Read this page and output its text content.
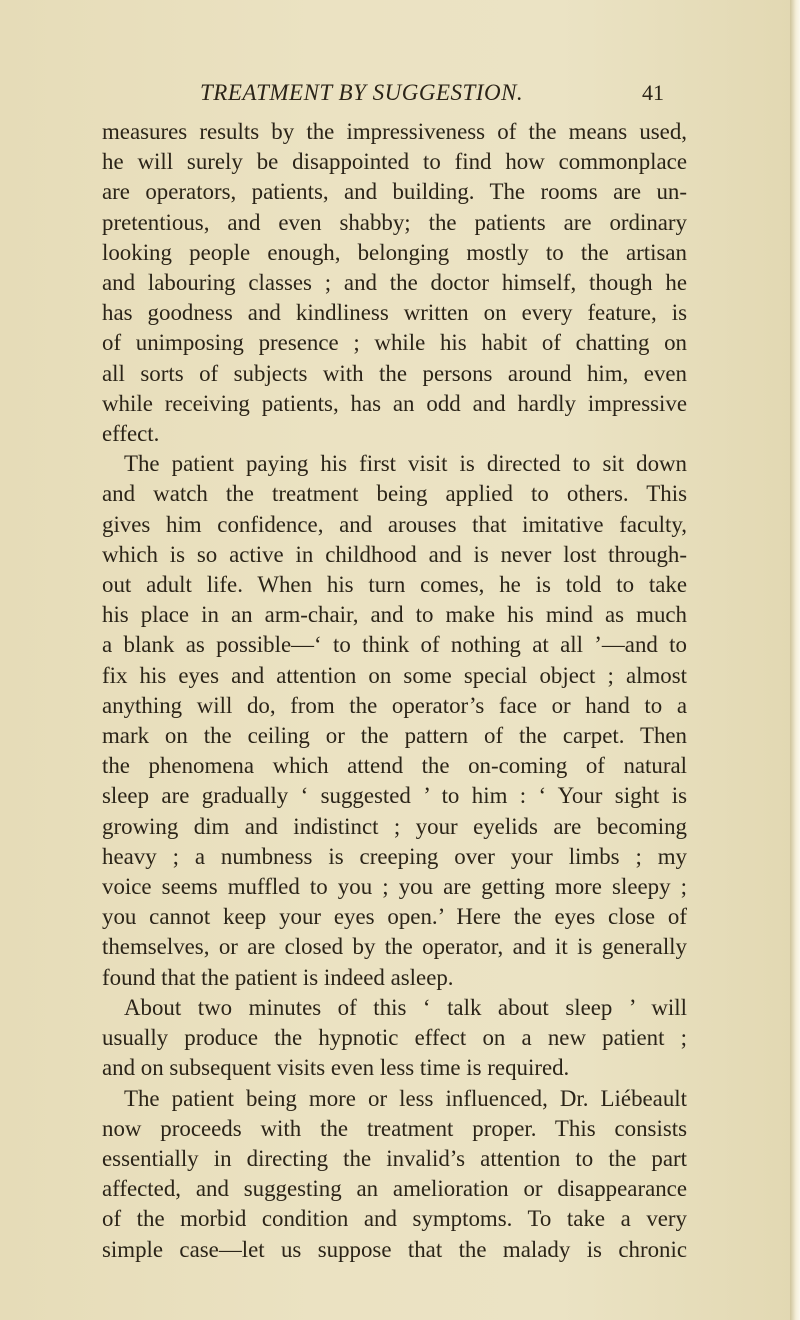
TREATMENT BY SUGGESTION.	41
measures results by the impressiveness of the means used,
he will surely be disappointed to find how commonplace
are operators, patients, and building. The rooms are un-
pretentious, and even shabby; the patients are ordinary
looking people enough, belonging mostly to the artisan
and labouring classes ; and the doctor himself, though he
has goodness and kindliness written on every feature, is
of unimposing presence ; while his habit of chatting on
all sorts of subjects with the persons around him, even
while receiving patients, has an odd and hardly impressive
effect.
The patient paying his first visit is directed to sit down
and watch the treatment being applied to others. This
gives him confidence, and arouses that imitative faculty,
which is so active in childhood and is never lost through-
out adult life. When his turn comes, he is told to take
his place in an arm-chair, and to make his mind as much
a blank as possible—‘ to think of nothing at all ’—and to
fix his eyes and attention on some special object ; almost
anything will do, from the operator’s face or hand to a
mark on the ceiling or the pattern of the carpet. Then
the phenomena which attend the on-coming of natural
sleep are gradually ‘ suggested ’ to him : ‘ Your sight is
growing dim and indistinct ; your eyelids are becoming
heavy ; a numbness is creeping over your limbs ; my
voice seems muffled to you ; you are getting more sleepy ;
you cannot keep your eyes open.’ Here the eyes close of
themselves, or are closed by the operator, and it is generally
found that the patient is indeed asleep.
About two minutes of this ‘ talk about sleep ’ will
usually produce the hypnotic effect on a new patient ;
and on subsequent visits even less time is required.
The patient being more or less influenced, Dr. Liébeault
now proceeds with the treatment proper. This consists
essentially in directing the invalid’s attention to the part
affected, and suggesting an amelioration or disappearance
of the morbid condition and symptoms. To take a very
simple case—let us suppose that the malady is chronic
